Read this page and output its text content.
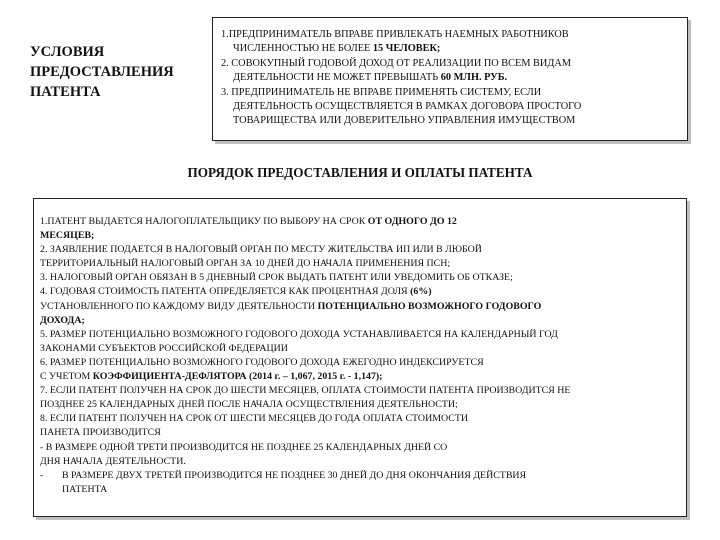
УСЛОВИЯ ПРЕДОСТАВЛЕНИЯ ПАТЕНТА
1.ПРЕДПРИНИМАТЕЛЬ ВПРАВЕ ПРИВЛЕКАТЬ НАЕМНЫХ РАБОТНИКОВ
ЧИСЛЕННОСТЬЮ НЕ БОЛЕЕ 15 ЧЕЛОВЕК;
2. СОВОКУПНЫЙ ГОДОВОЙ ДОХОД ОТ РЕАЛИЗАЦИИ ПО ВСЕМ ВИДАМ
ДЕЯТЕЛЬНОСТИ НЕ МОЖЕТ ПРЕВЫШАТЬ 60 МЛН. РУБ.
3. ПРЕДПРИНИМАТЕЛЬ НЕ ВПРАВЕ ПРИМЕНЯТЬ СИСТЕМУ, ЕСЛИ
ДЕЯТЕЛЬНОСТЬ ОСУЩЕСТВЛЯЕТСЯ В РАМКАХ ДОГОВОРА ПРОСТОГО
ТОВАРИЩЕСТВА ИЛИ ДОВЕРИТЕЛЬНО УПРАВЛЕНИЯ ИМУЩЕСТВОМ
ПОРЯДОК ПРЕДОСТАВЛЕНИЯ И ОПЛАТЫ ПАТЕНТА
1.ПАТЕНТ ВЫДАЕТСЯ НАЛОГОПЛАТЕЛЬЩИКУ ПО ВЫБОРУ НА СРОК ОТ ОДНОГО ДО 12
МЕСЯЦЕВ;
2. ЗАЯВЛЕНИЕ ПОДАЕТСЯ В НАЛОГОВЫЙ ОРГАН ПО МЕСТУ ЖИТЕЛЬСТВА ИП ИЛИ В ЛЮБОЙ
ТЕРРИТОРИАЛЬНЫЙ НАЛОГОВЫЙ ОРГАН ЗА 10 ДНЕЙ ДО НАЧАЛА ПРИМЕНЕНИЯ ПСН;
3. НАЛОГОВЫЙ ОРГАН ОБЯЗАН В 5 ДНЕВНЫЙ СРОК ВЫДАТЬ ПАТЕНТ ИЛИ УВЕДОМИТЬ ОБ ОТКАЗЕ;
4. ГОДОВАЯ СТОИМОСТЬ ПАТЕНТА ОПРЕДЕЛЯЕТСЯ КАК ПРОЦЕНТНАЯ ДОЛЯ (6%)
УСТАНОВЛЕННОГО ПО КАЖДОМУ ВИДУ ДЕЯТЕЛЬНОСТИ ПОТЕНЦИАЛЬНО ВОЗМОЖНОГО ГОДОВОГО
ДОХОДА;
5. РАЗМЕР ПОТЕНЦИАЛЬНО ВОЗМОЖНОГО ГОДОВОГО ДОХОДА УСТАНАВЛИВАЕТСЯ НА КАЛЕНДАРНЫЙ ГОД
ЗАКОНАМИ СУБЪЕКТОВ РОССИЙСКОЙ ФЕДЕРАЦИИ
6. РАЗМЕР ПОТЕНЦИАЛЬНО ВОЗМОЖНОГО ГОДОВОГО ДОХОДА ЕЖЕГОДНО ИНДЕКСИРУЕТСЯ
С УЧЕТОМ КОЭФФИЦИЕНТА-ДЕФЛЯТОРА (2014 г. – 1,067, 2015 г. - 1,147);
7. ЕСЛИ ПАТЕНТ ПОЛУЧЕН НА СРОК ДО ШЕСТИ МЕСЯЦЕВ, ОПЛАТА СТОИМОСТИ ПАТЕНТА ПРОИЗВОДИТСЯ НЕ
ПОЗДНЕЕ 25 КАЛЕНДАРНЫХ ДНЕЙ ПОСЛЕ НАЧАЛА ОСУЩЕСТВЛЕНИЯ ДЕЯТЕЛЬНОСТИ;
8. ЕСЛИ ПАТЕНТ ПОЛУЧЕН НА СРОК ОТ ШЕСТИ МЕСЯЦЕВ ДО ГОДА ОПЛАТА СТОИМОСТИ
ПАНЕТА ПРОИЗВОДИТСЯ
- В РАЗМЕРЕ ОДНОЙ ТРЕТИ ПРОИЗВОДИТСЯ НЕ ПОЗДНЕЕ 25 КАЛЕНДАРНЫХ ДНЕЙ СО
ДНЯ НАЧАЛА ДЕЯТЕЛЬНОСТИ.
- В РАЗМЕРЕ ДВУХ ТРЕТЕЙ ПРОИЗВОДИТСЯ НЕ ПОЗДНЕЕ 30 ДНЕЙ ДО ДНЯ ОКОНЧАНИЯ ДЕЙСТВИЯ
ПАТЕНТА
